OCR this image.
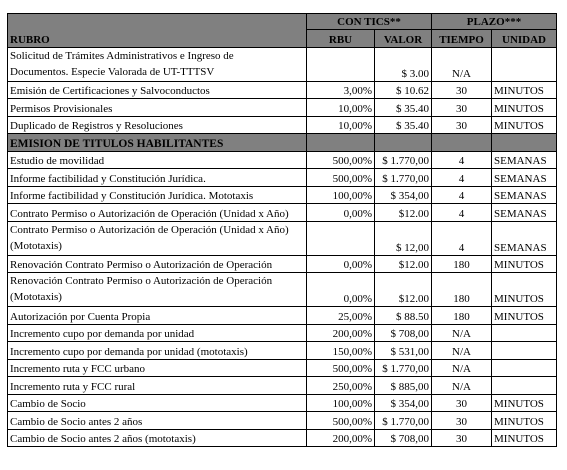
	CON TICS**		PLAZO***	
RUBRO	RBU	VALOR	TIEMPO	UNIDAD
Solicitud de Trámites Administrativos e Ingreso de
Documentos. Especie Valorada de UT-TTTSV		$ 3.00	N/A	
Emisión de Certificaciones y Salvoconductos	3,00%	$ 10.62	30	MINUTOS
Permisos Provisionales	10,00%	$ 35.40	30	MINUTOS
Duplicado de Registros y Resoluciones	10,00%	$ 35.40	30	MINUTOS
EMISION DE TITULOS HABILITANTES				
Estudio de movilidad	500,00%	$ 1.770,00	4	SEMANAS
Informe factibilidad y Constitución Jurídica.	500,00%	$ 1.770,00	4	SEMANAS
Informe factibilidad y Constitución Jurídica. Mototaxis	100,00%	$ 354,00	4	SEMANAS
Contrato Permiso o Autorización de Operación (Unidad x Año)	0,00%	$12.00	4	SEMANAS
Contrato Permiso o Autorización de Operación (Unidad x Año)
(Mototaxis)		$ 12,00	4	SEMANAS
Renovación Contrato Permiso o Autorización de Operación	0,00%	$12.00	180	MINUTOS
Renovación Contrato Permiso o Autorización de Operación
(Mototaxis)	0,00%	$12.00	180	MINUTOS
Autorización por Cuenta Propia	25,00%	$ 88.50	180	MINUTOS
Incremento cupo por demanda por unidad	200,00%	$ 708,00	N/A	
Incremento cupo por demanda por unidad (mototaxis)	150,00%	$ 531,00	N/A	
Incremento ruta y FCC urbano	500,00%	$ 1.770,00	N/A	
Incremento ruta y FCC rural	250,00%	$ 885,00	N/A	
Cambio de Socio	100,00%	$ 354,00	30	MINUTOS
Cambio de Socio antes 2 años	500,00%	$ 1.770,00	30	MINUTOS
Cambio de Socio antes 2 años (mototaxis)	200,00%	$ 708,00	30	MINUTOS
